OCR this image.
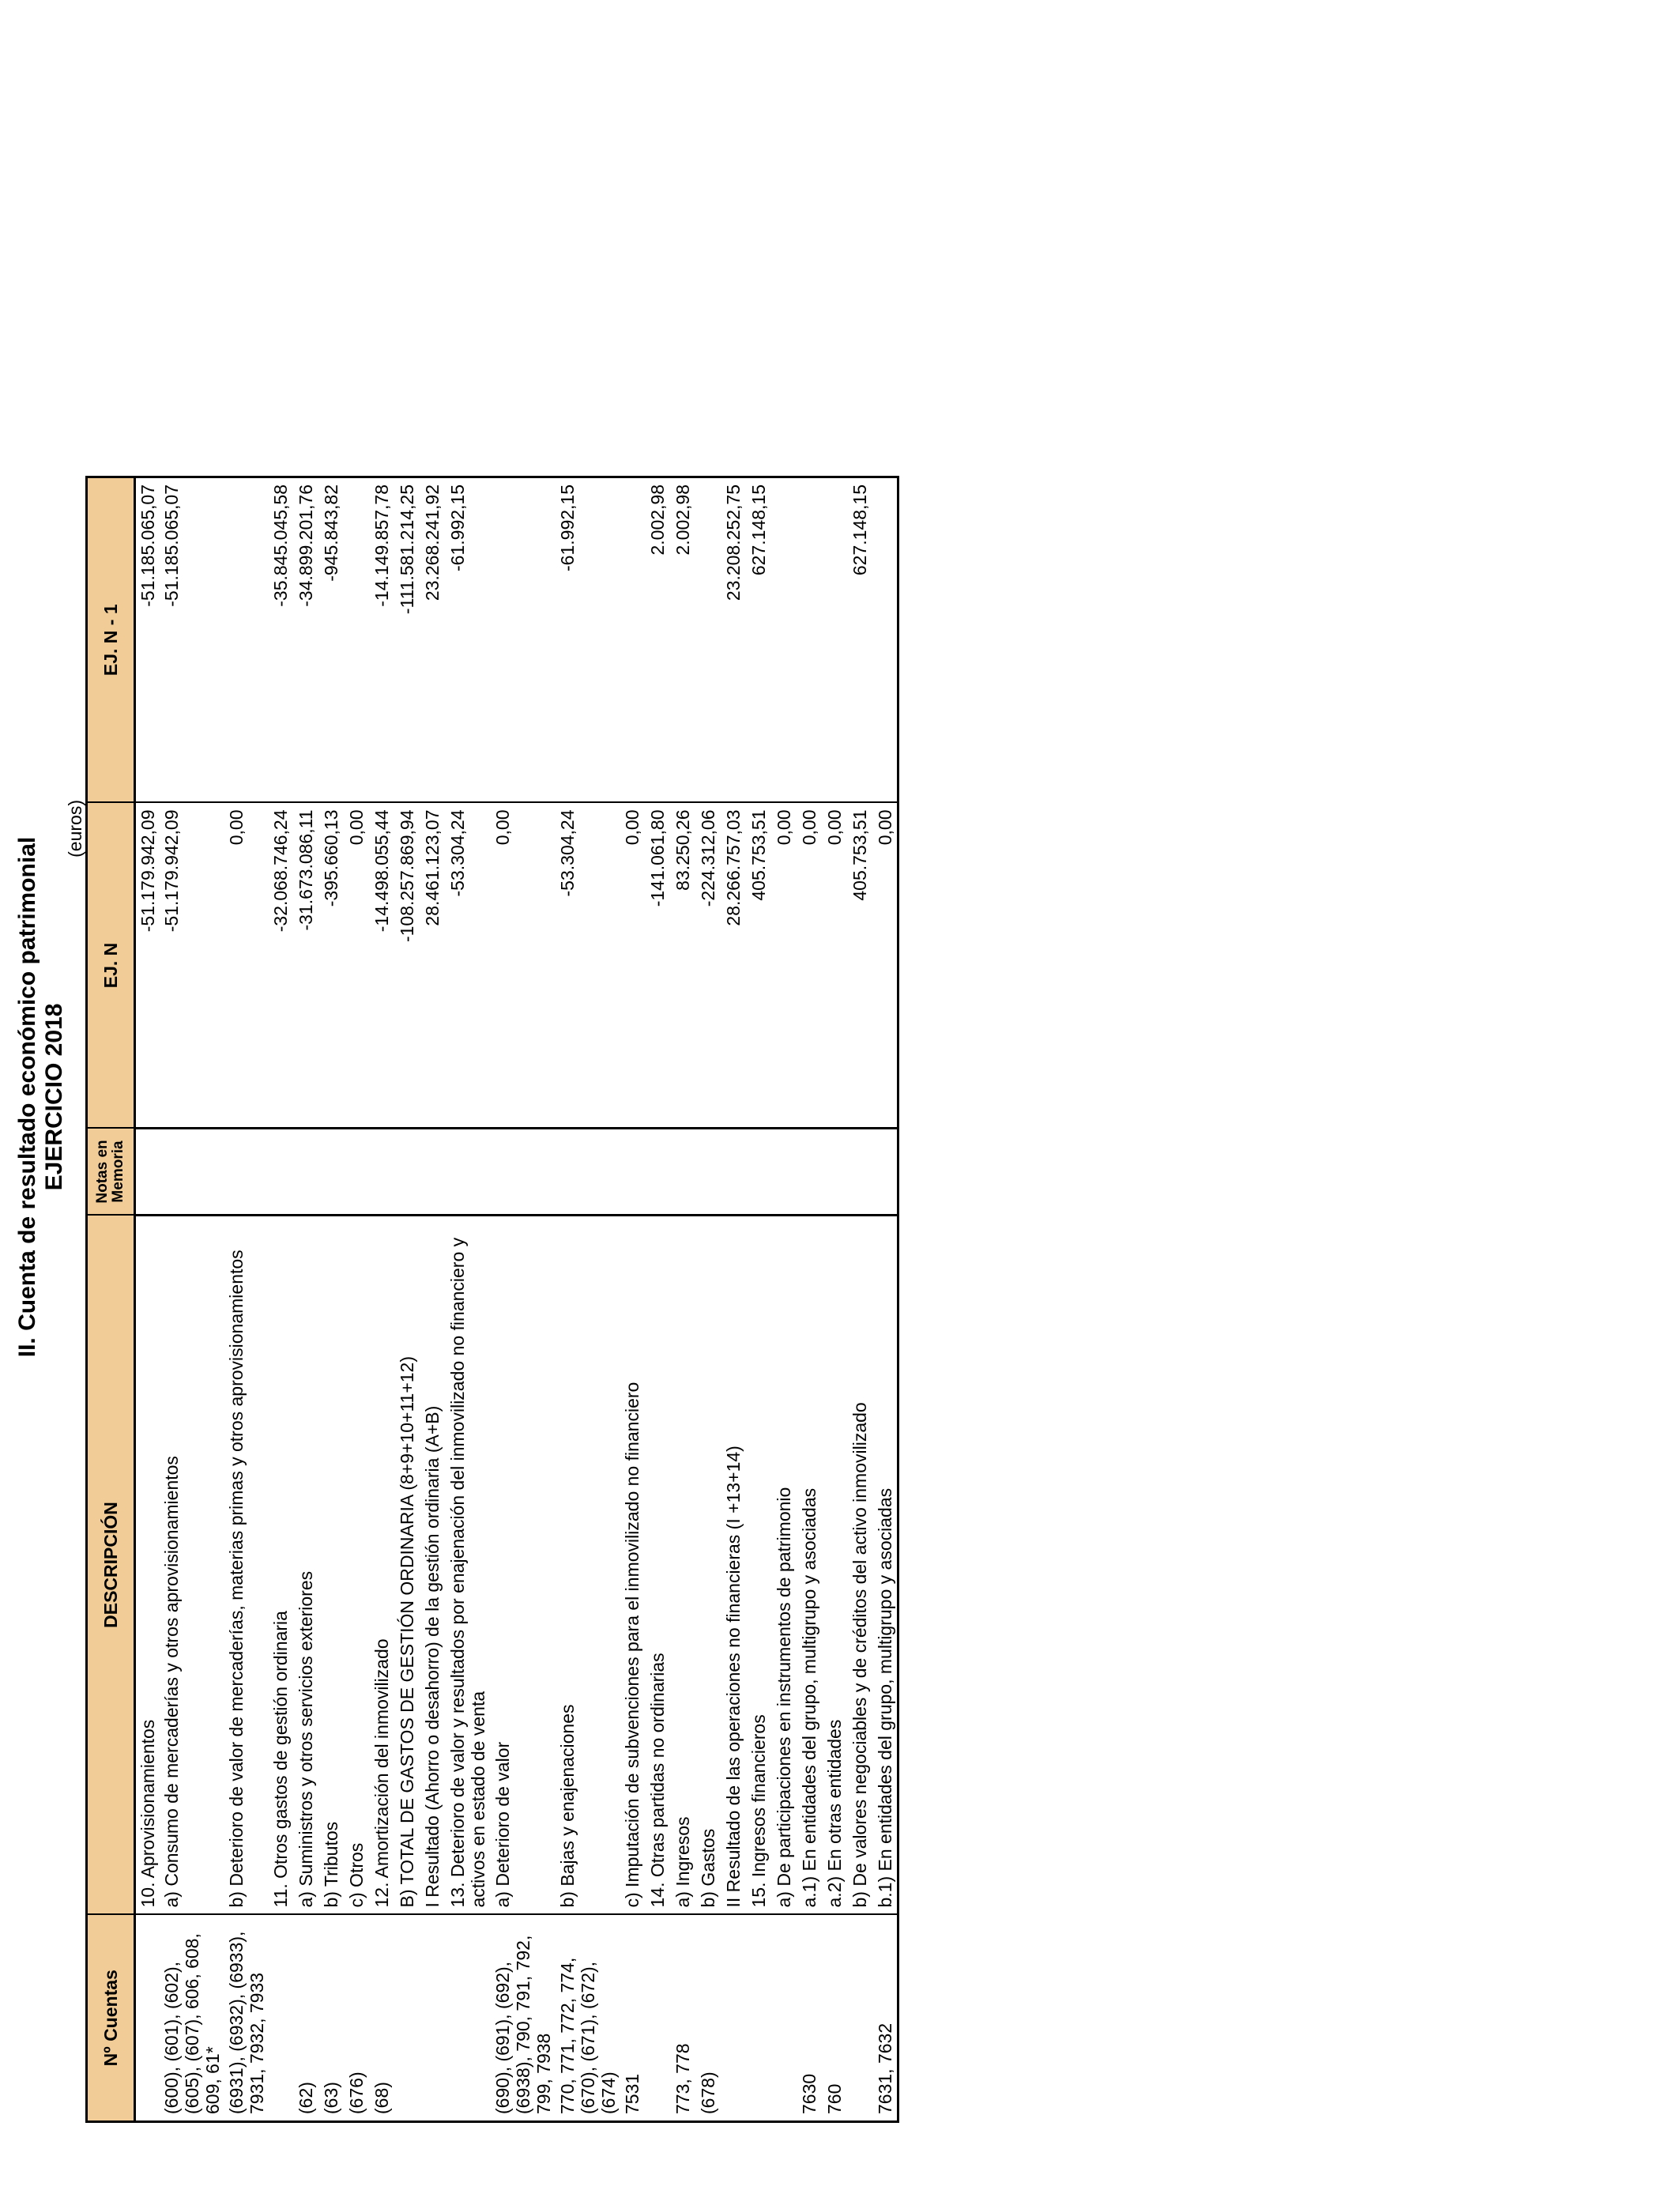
II. Cuenta de resultado económico patrimonial EJERCICIO 2018
(euros)
Nº Cuentas	DESCRIPCIÓN	Notas en Memoria	EJ. N	EJ. N - 1
	10. Aprovisionamientos		-51.179.942,09	-51.185.065,07
(600), (601), (602), (605), (607), 606, 608, 609, 61*	a) Consumo de mercaderías y otros aprovisionamientos		-51.179.942,09	-51.185.065,07
(6931), (6932), (6933), 7931, 7932, 7933	b) Deterioro de valor de mercaderías, materias primas y otros aprovisionamientos		0,00	
	11. Otros gastos de gestión ordinaria		-32.068.746,24	-35.845.045,58
(62)	a) Suministros y otros servicios exteriores		-31.673.086,11	-34.899.201,76
(63)	b) Tributos		-395.660,13	-945.843,82
(676)	c) Otros		0,00	
(68)	12. Amortización del inmovilizado		-14.498.055,44	-14.149.857,78
	B) TOTAL DE GASTOS DE GESTIÓN ORDINARIA (8+9+10+11+12)		-108.257.869,94	-111.581.214,25
	I Resultado (Ahorro o desahorro) de la gestión ordinaria (A+B)		28.461.123,07	23.268.241,92
	13. Deterioro de valor y resultados por enajenación del inmovilizado no financiero y activos en estado de venta		-53.304,24	-61.992,15
(690), (691), (692), (6938), 790, 791, 792, 799, 7938	a) Deterioro de valor		0,00	
770, 771, 772, 774, (670), (671), (672), (674)	b) Bajas y enajenaciones		-53.304,24	-61.992,15
7531	c) Imputación de subvenciones para el inmovilizado no financiero		0,00	
	14. Otras partidas no ordinarias		-141.061,80	2.002,98
773, 778	a) Ingresos		83.250,26	2.002,98
(678)	b) Gastos		-224.312,06	
	II Resultado de las operaciones no financieras (I +13+14)		28.266.757,03	23.208.252,75
	15. Ingresos financieros		405.753,51	627.148,15
	a) De participaciones en instrumentos de patrimonio		0,00	
7630	a.1) En entidades del grupo, multigrupo y asociadas		0,00	
760	a.2) En otras entidades		0,00	
	b) De valores negociables y de créditos del activo inmovilizado		405.753,51	627.148,15
7631, 7632	b.1) En entidades del grupo, multigrupo y asociadas		0,00	
